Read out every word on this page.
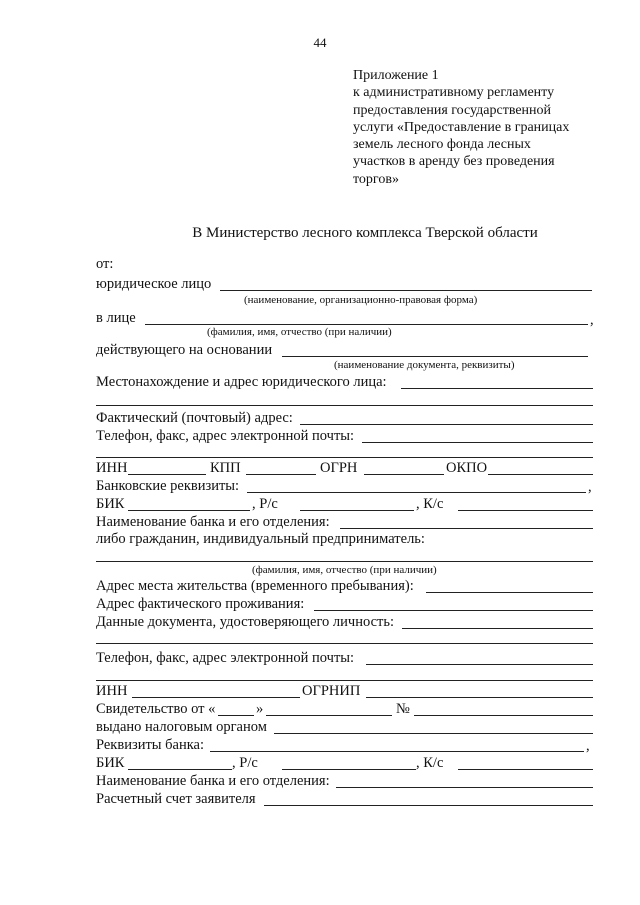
44
Приложение 1
к административному регламенту
предоставления государственной
услуги «Предоставление в границах
земель лесного фонда лесных
участков в аренду без проведения
торгов»
В Министерство лесного комплекса Тверской области
от:
юридическое лицо
(наименование, организационно-правовая форма)
в лице	,
(фамилия, имя, отчество (при наличии)
действующего на основании
(наименование документа, реквизиты)
Местонахождение и адрес юридического лица:
Фактический (почтовый) адрес:
Телефон, факс, адрес электронной почты:
ИНН	КПП	ОГРН	ОКПО
Банковские реквизиты:	,
БИК	, Р/с	, К/с
Наименование банка и его отделения:
либо гражданин, индивидуальный предприниматель:
(фамилия, имя, отчество (при наличии)
Адрес места жительства (временного пребывания):
Адрес фактического проживания:
Данные документа, удостоверяющего личность:
Телефон, факс, адрес электронной почты:
ИНН	ОГРНИП
Свидетельство от «	»	№
выдано налоговым органом
Реквизиты банка:	,
БИК	, Р/с	, К/с
Наименование банка и его отделения:
Расчетный счет заявителя
